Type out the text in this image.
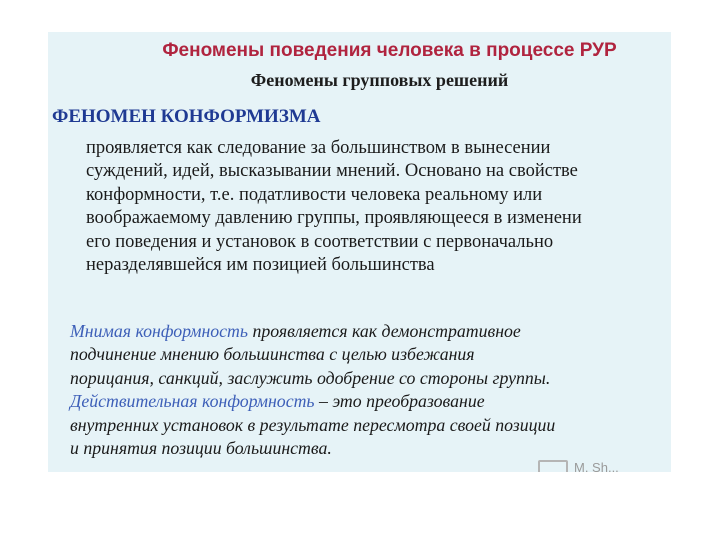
Феномены поведения человека в процессе РУР
Феномены групповых решений
ФЕНОМЕН КОНФОРМИЗМА
проявляется как следование за большинством в вынесении
суждений, идей, высказывании мнений. Основано на свойстве
конформности, т.е. податливости человека реальному или
воображаемому давлению группы, проявляющееся в изменени
его поведения и установок в соответствии с первоначально
неразделявшейся им позицией большинства
Мнимая конформность проявляется как демонстративное
подчинение мнению большинства с целью избежания
порицания, санкций, заслужить одобрение со стороны группы.
Действительная конформность – это преобразование
внутренних установок в результате пересмотра своей позиции
и принятия позиции большинства.
M. Sh...
